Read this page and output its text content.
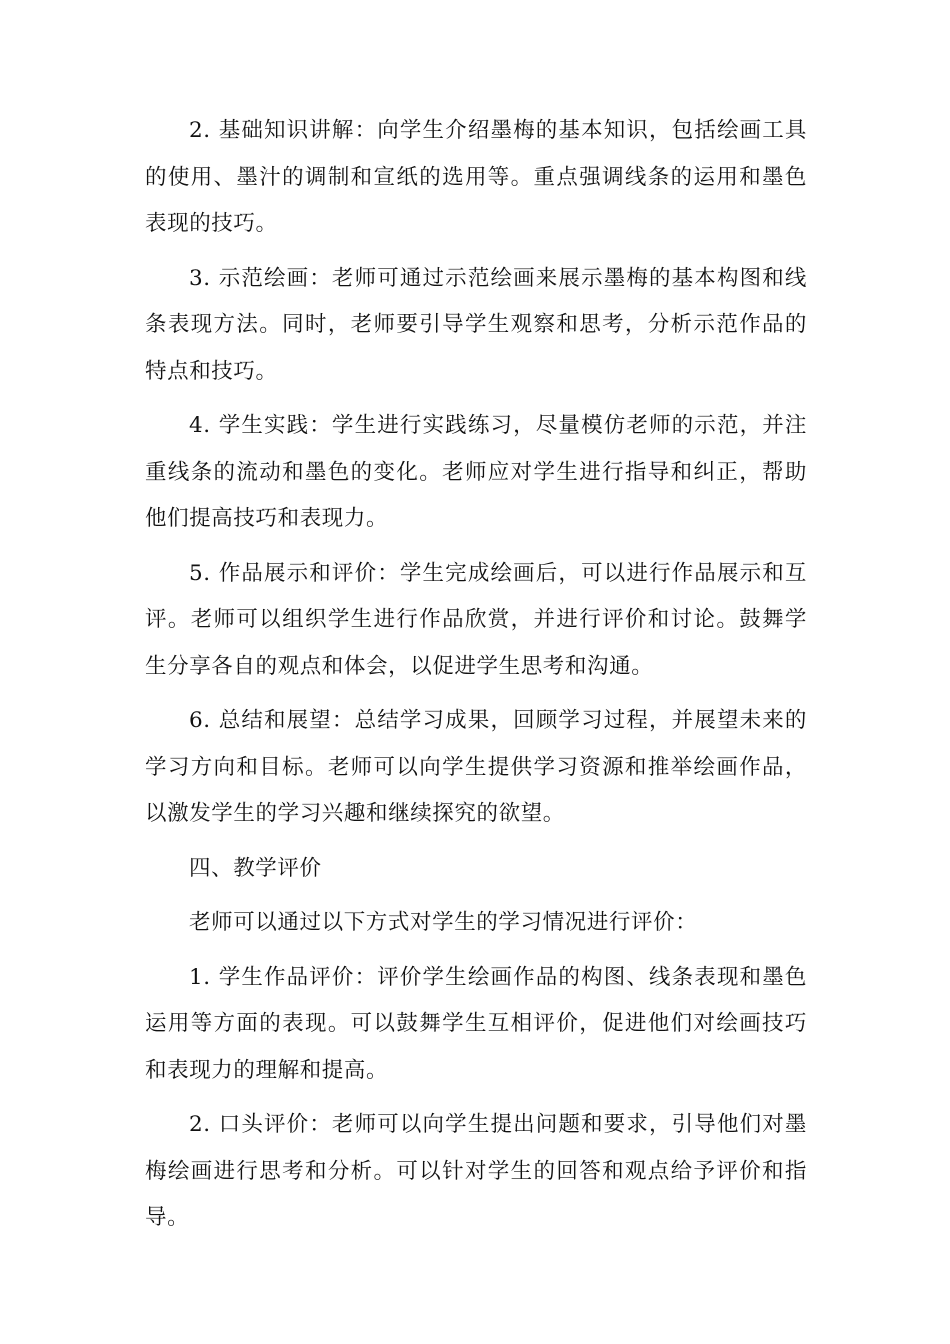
2. 基础知识讲解：向学生介绍墨梅的基本知识，包括绘画工具的使用、墨汁的调制和宣纸的选用等。重点强调线条的运用和墨色表现的技巧。

3. 示范绘画：老师可通过示范绘画来展示墨梅的基本构图和线条表现方法。同时，老师要引导学生观察和思考，分析示范作品的特点和技巧。

4. 学生实践：学生进行实践练习，尽量模仿老师的示范，并注重线条的流动和墨色的变化。老师应对学生进行指导和纠正，帮助他们提高技巧和表现力。

5. 作品展示和评价：学生完成绘画后，可以进行作品展示和互评。老师可以组织学生进行作品欣赏，并进行评价和讨论。鼓舞学生分享各自的观点和体会，以促进学生思考和沟通。

6. 总结和展望：总结学习成果，回顾学习过程，并展望未来的学习方向和目标。老师可以向学生提供学习资源和推举绘画作品，以激发学生的学习兴趣和继续探究的欲望。

四、教学评价

老师可以通过以下方式对学生的学习情况进行评价：

1. 学生作品评价：评价学生绘画作品的构图、线条表现和墨色运用等方面的表现。可以鼓舞学生互相评价，促进他们对绘画技巧和表现力的理解和提高。

2. 口头评价：老师可以向学生提出问题和要求，引导他们对墨梅绘画进行思考和分析。可以针对学生的回答和观点给予评价和指导。
